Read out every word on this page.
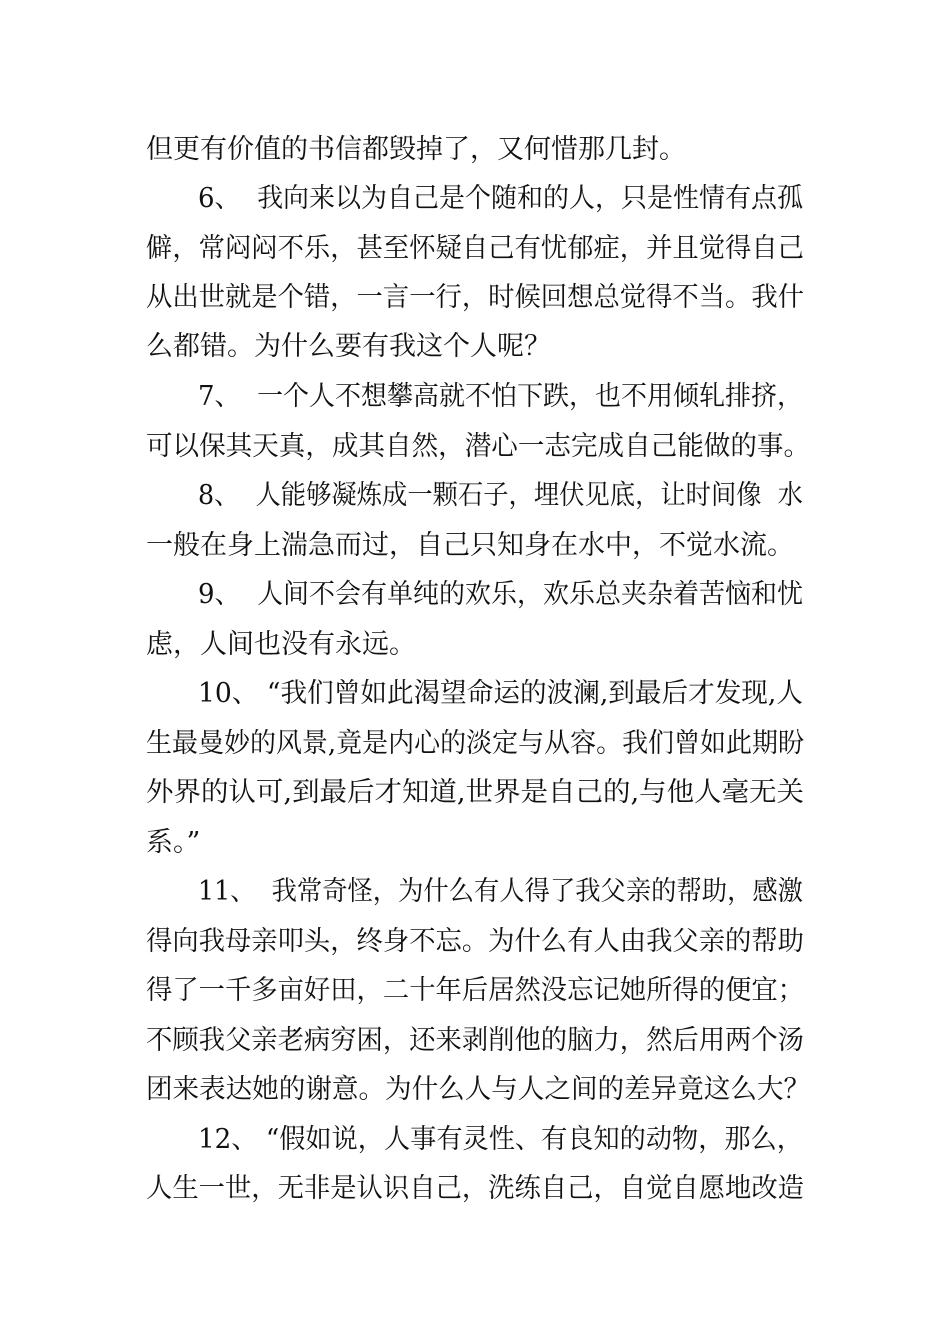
但更有价值的书信都毁掉了，又何惜那几封。
6、  我向来以为自己是个随和的人，只是性情有点孤
僻，常闷闷不乐，甚至怀疑自己有忧郁症，并且觉得自己
从出世就是个错，一言一行，时候回想总觉得不当。我什
么都错。为什么要有我这个人呢？
7、  一个人不想攀高就不怕下跌，也不用倾轧排挤，
可以保其天真，成其自然，潜心一志完成自己能做的事。
8、  人能够凝炼成一颗石子，埋伏见底，让时间像  水
一般在身上湍急而过，自己只知身在水中，不觉水流。
9、  人间不会有单纯的欢乐，欢乐总夹杂着苦恼和忧
虑，人间也没有永远。
10、 “我们曾如此渴望命运的波澜,到最后才发现,人
生最曼妙的风景,竟是内心的淡定与从容。我们曾如此期盼
外界的认可,到最后才知道,世界是自己的,与他人毫无关
系。”
11、  我常奇怪，为什么有人得了我父亲的帮助，感激
得向我母亲叩头，终身不忘。为什么有人由我父亲的帮助
得了一千多亩好田，二十年后居然没忘记她所得的便宜；
不顾我父亲老病穷困，还来剥削他的脑力，然后用两个汤
团来表达她的谢意。为什么人与人之间的差异竟这么大？
12、 “假如说，人事有灵性、有良知的动物，那么，
人生一世，无非是认识自己，洗练自己，自觉自愿地改造
